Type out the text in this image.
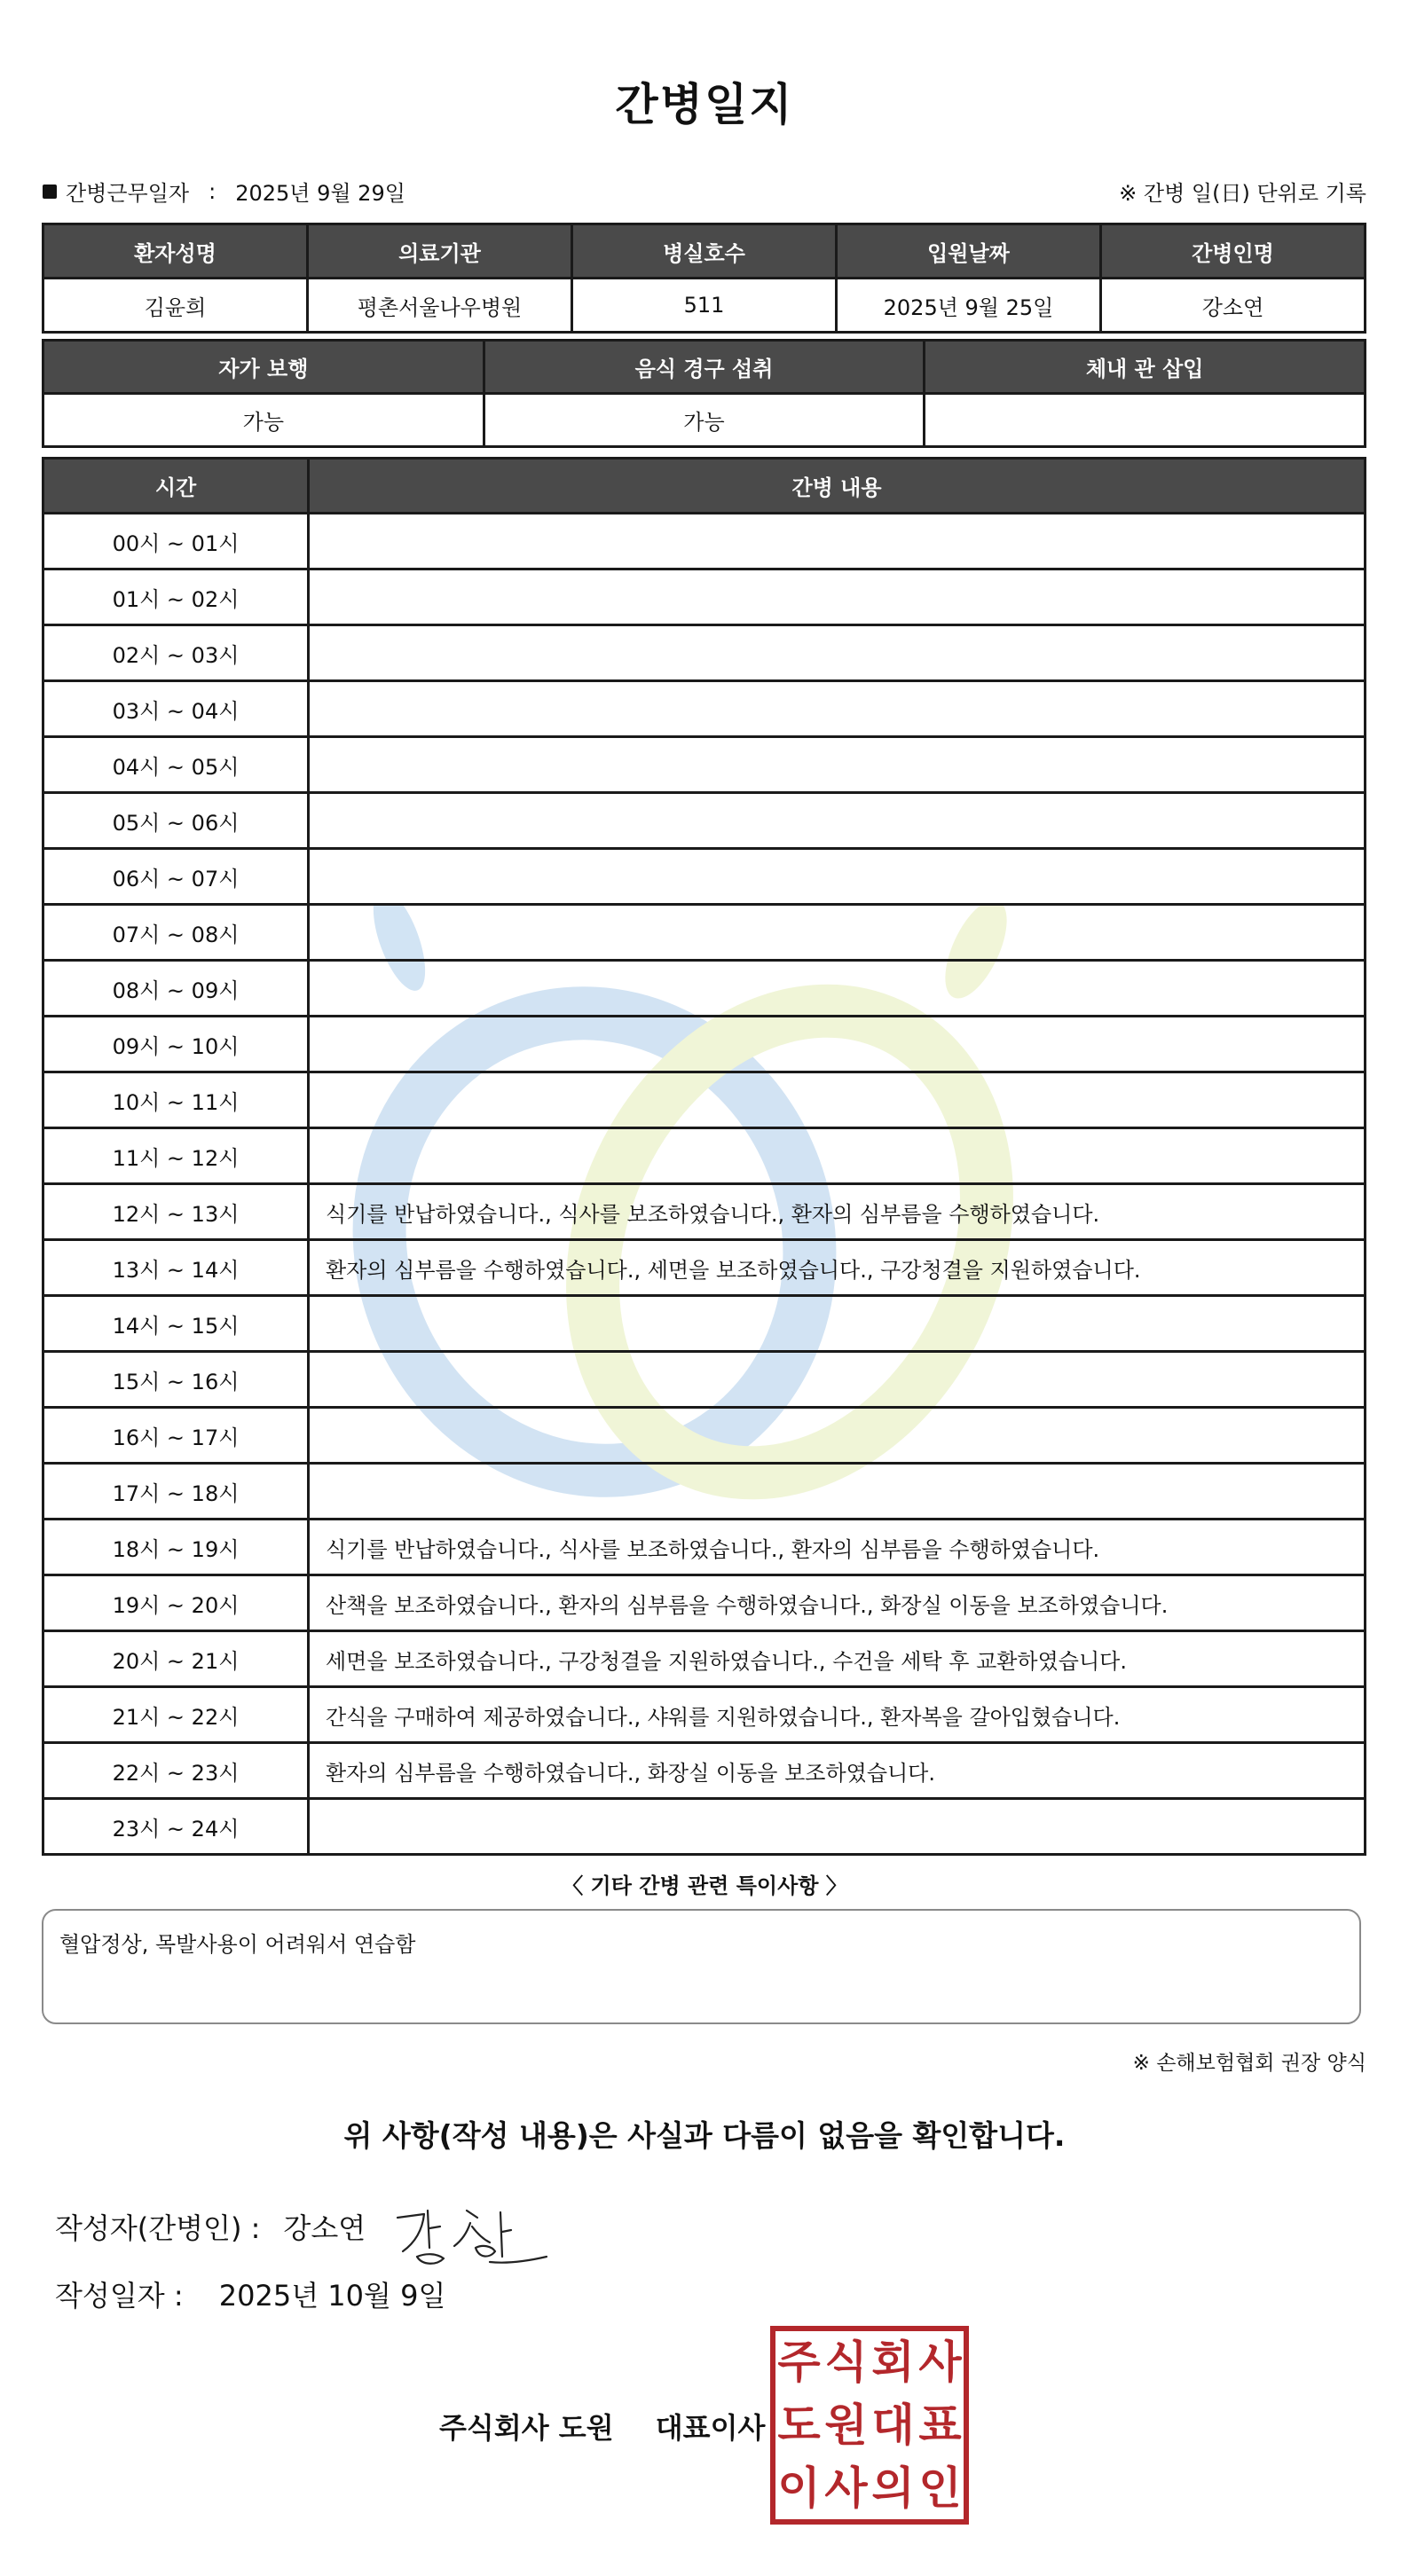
간병일지
간병근무일자 : 2025년 9월 29일	※ 간병 일(日) 단위로 기록
환자성명	의료기관	병실호수	입원날짜	간병인명
김윤희	평촌서울나우병원	511	2025년 9월 25일	강소연
자가 보행	음식 경구 섭취	체내 관 삽입
가능	가능	
시간	간병 내용
00시 ~ 01시	
01시 ~ 02시	
02시 ~ 03시	
03시 ~ 04시	
04시 ~ 05시	
05시 ~ 06시	
06시 ~ 07시	
07시 ~ 08시	
08시 ~ 09시	
09시 ~ 10시	
10시 ~ 11시	
11시 ~ 12시	
12시 ~ 13시	식기를 반납하였습니다., 식사를 보조하였습니다., 환자의 심부름을 수행하였습니다.
13시 ~ 14시	환자의 심부름을 수행하였습니다., 세면을 보조하였습니다., 구강청결을 지원하였습니다.
14시 ~ 15시	
15시 ~ 16시	
16시 ~ 17시	
17시 ~ 18시	
18시 ~ 19시	식기를 반납하였습니다., 식사를 보조하였습니다., 환자의 심부름을 수행하였습니다.
19시 ~ 20시	산책을 보조하였습니다., 환자의 심부름을 수행하였습니다., 화장실 이동을 보조하였습니다.
20시 ~ 21시	세면을 보조하였습니다., 구강청결을 지원하였습니다., 수건을 세탁 후 교환하였습니다.
21시 ~ 22시	간식을 구매하여 제공하였습니다., 샤워를 지원하였습니다., 환자복을 갈아입혔습니다.
22시 ~ 23시	환자의 심부름을 수행하였습니다., 화장실 이동을 보조하였습니다.
23시 ~ 24시	
〈 기타 간병 관련 특이사항 〉
혈압정상, 목발사용이 어려워서 연습함
※ 손해보험협회 권장 양식
위 사항(작성 내용)은 사실과 다름이 없음을 확인합니다.
작성자(간병인) : 강소연
작성일자 : 2025년 10월 9일
주식회사 도원 대표이사
주 식 회 사
도 원 대 표
이 사 의 인
